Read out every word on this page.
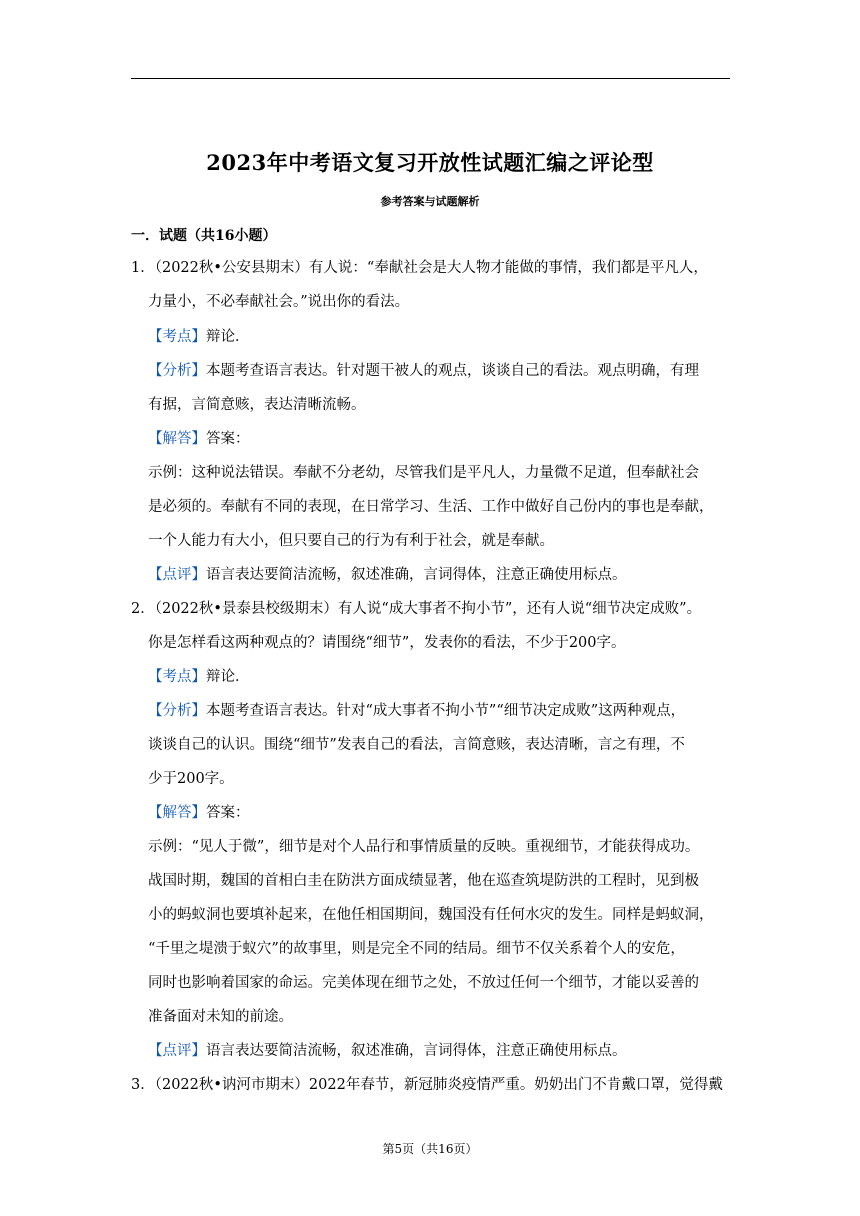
2023年中考语文复习开放性试题汇编之评论型
参考答案与试题解析
一．试题（共16小题）
1．（2022秋•公安县期末）有人说：“奉献社会是大人物才能做的事情，我们都是平凡人，
力量小，不必奉献社会。”说出你的看法。
【考点】辩论．
【分析】本题考查语言表达。针对题干被人的观点，谈谈自己的看法。观点明确，有理
有据，言简意赅，表达清晰流畅。
【解答】答案：
示例：这种说法错误。奉献不分老幼，尽管我们是平凡人，力量微不足道，但奉献社会
是必须的。奉献有不同的表现，在日常学习、生活、工作中做好自己份内的事也是奉献，
一个人能力有大小，但只要自己的行为有利于社会，就是奉献。
【点评】语言表达要简洁流畅，叙述准确，言词得体，注意正确使用标点。
2．（2022秋•景泰县校级期末）有人说“成大事者不拘小节”，还有人说“细节决定成败”。
你是怎样看这两种观点的？请围绕“细节”，发表你的看法，不少于200字。
【考点】辩论．
【分析】本题考查语言表达。针对“成大事者不拘小节”“细节决定成败”这两种观点，
谈谈自己的认识。围绕“细节”发表自己的看法，言简意赅，表达清晰，言之有理，不
少于200字。
【解答】答案：
示例：“见人于微”，细节是对个人品行和事情质量的反映。重视细节，才能获得成功。
战国时期，魏国的首相白圭在防洪方面成绩显著，他在巡查筑堤防洪的工程时，见到极
小的蚂蚁洞也要填补起来，在他任相国期间，魏国没有任何水灾的发生。同样是蚂蚁洞，
“千里之堤溃于蚁穴”的故事里，则是完全不同的结局。细节不仅关系着个人的安危，
同时也影响着国家的命运。完美体现在细节之处，不放过任何一个细节，才能以妥善的
准备面对未知的前途。
【点评】语言表达要简洁流畅，叙述准确，言词得体，注意正确使用标点。
3．（2022秋•讷河市期末）2022年春节，新冠肺炎疫情严重。奶奶出门不肯戴口罩，觉得戴
第5页（共16页）
